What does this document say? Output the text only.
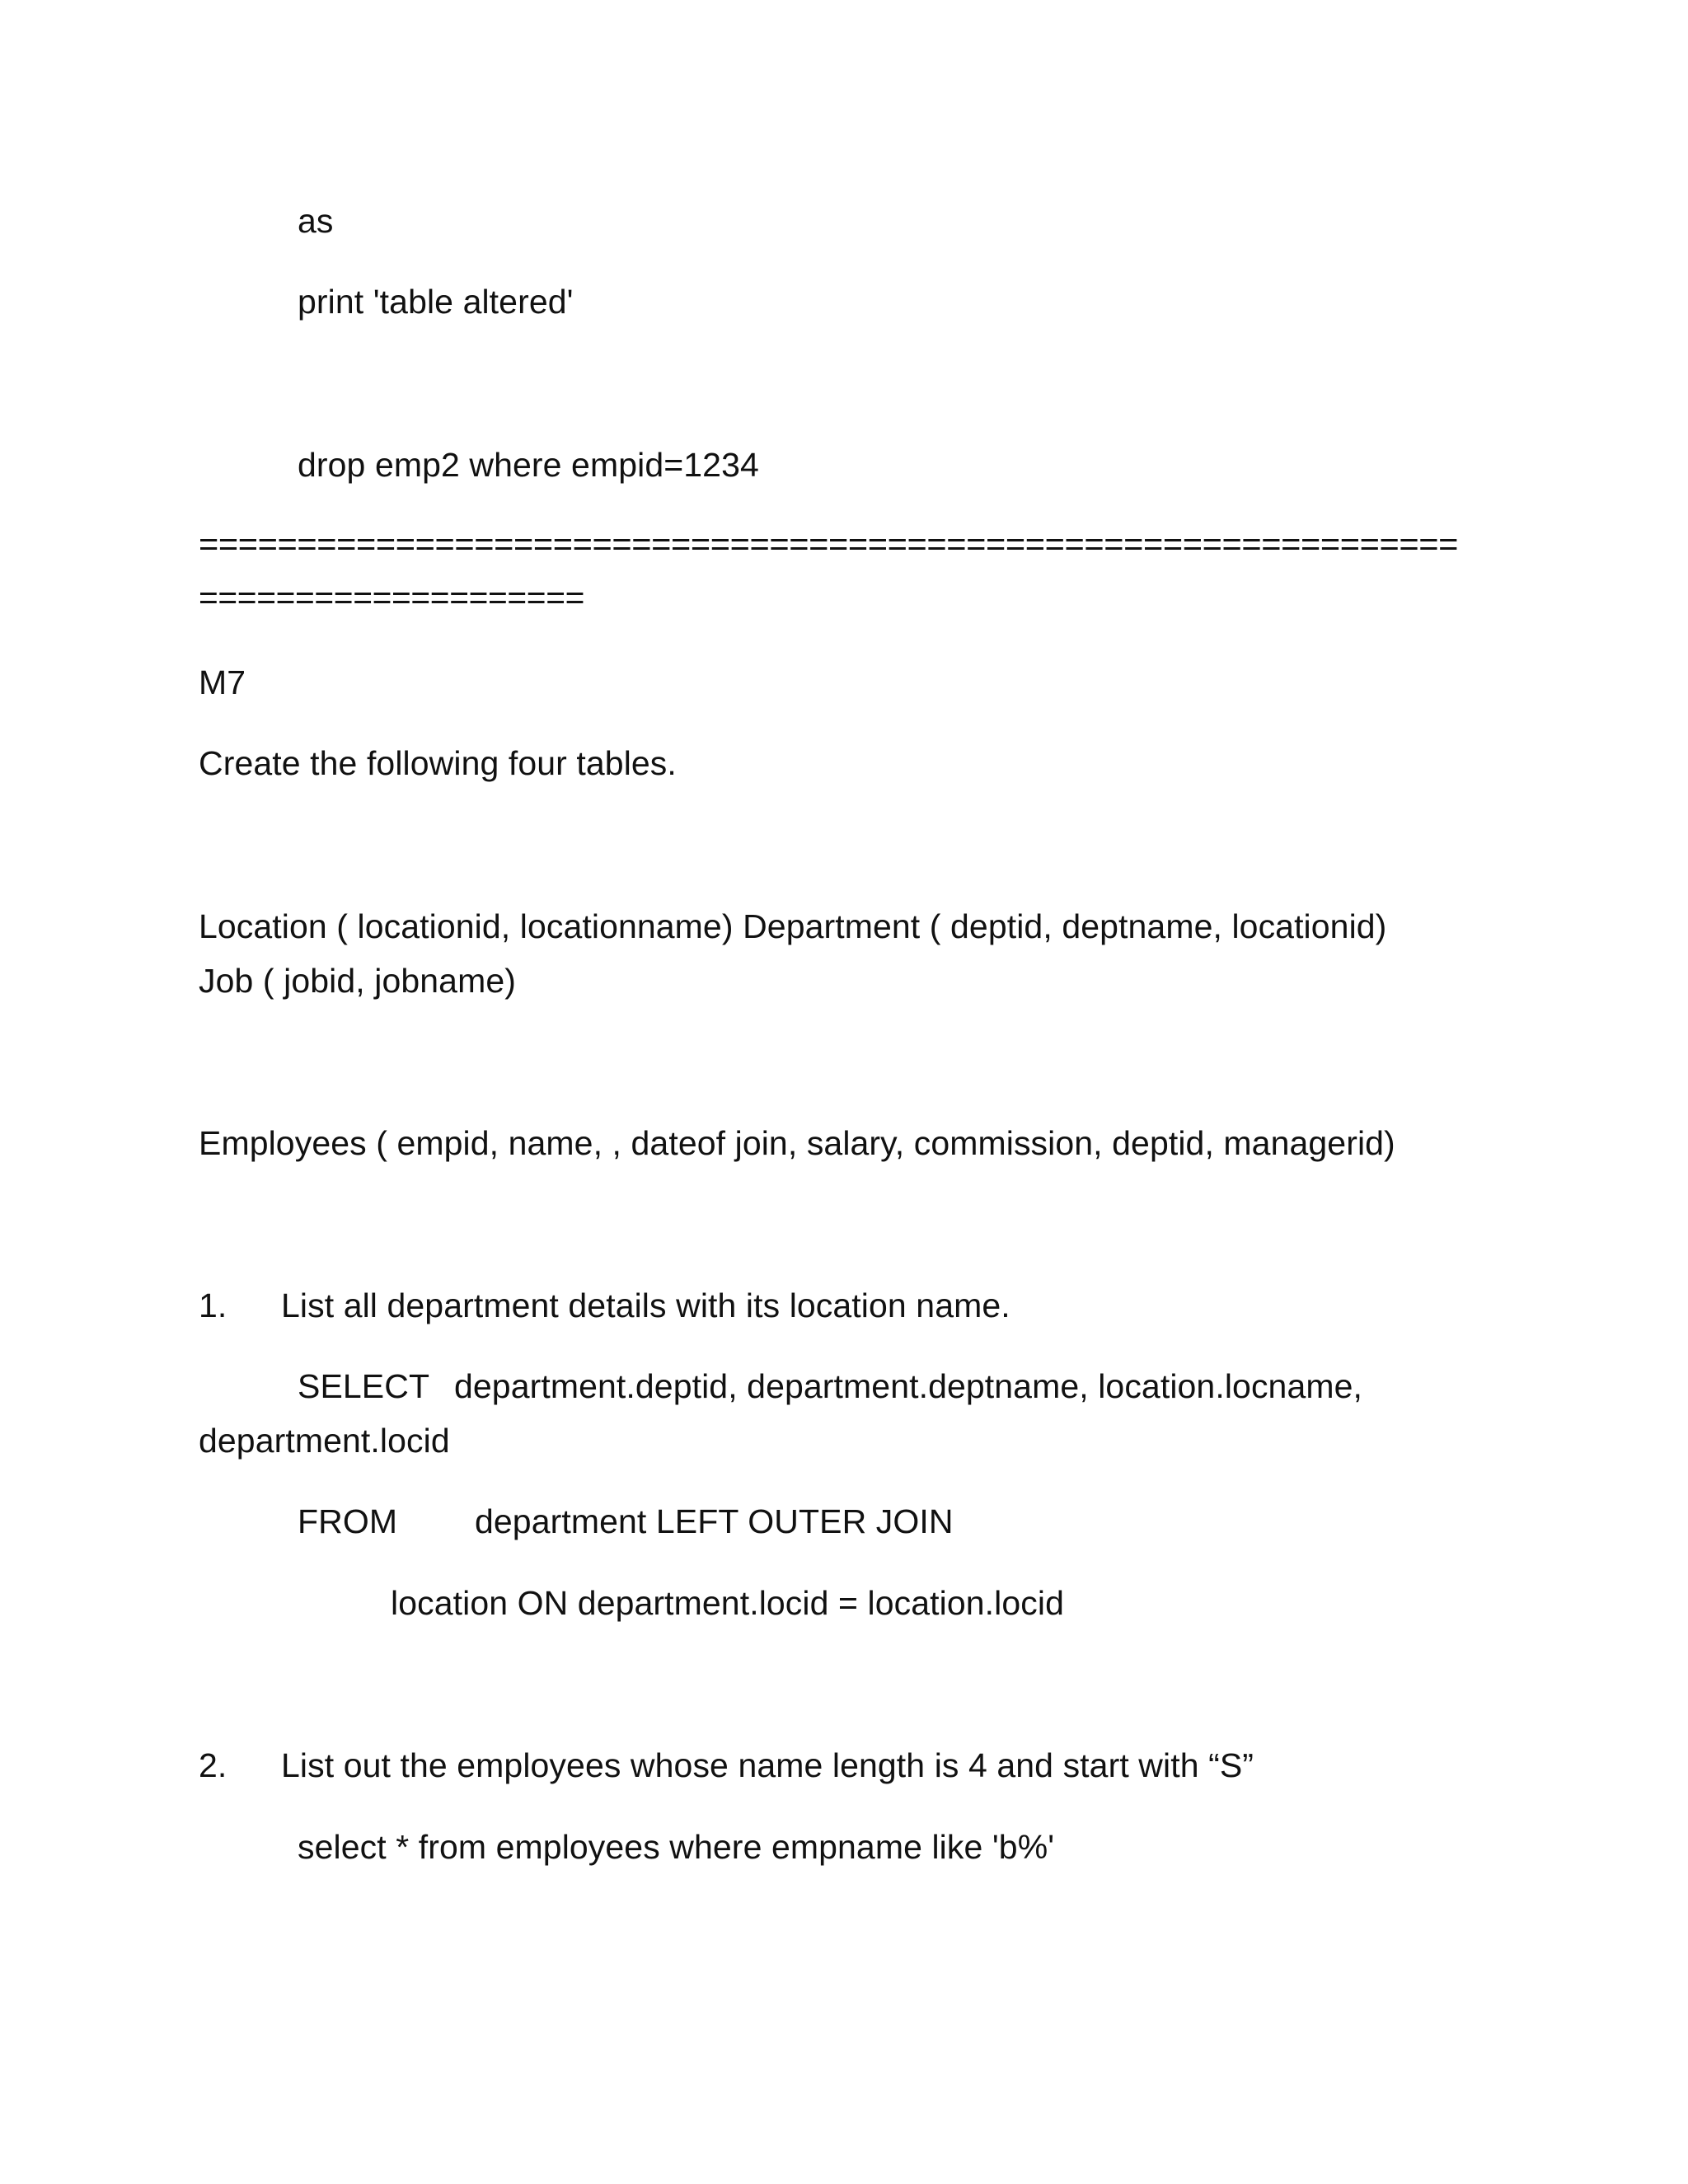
as
print 'table altered'
drop emp2 where empid=1234
================================================================
====================
M7
Create the following four tables.
Location ( locationid, locationname) Department ( deptid, deptname, locationid)
Job ( jobid, jobname)
Employees ( empid, name, , dateof join, salary, commission, deptid, managerid)
1. List all department details with its location name.
SELECT department.deptid, department.deptname, location.locname,
department.locid
FROM department LEFT OUTER JOIN
location ON department.locid = location.locid
2. List out the employees whose name length is 4 and start with “S”
select * from employees where empname like 'b%'
